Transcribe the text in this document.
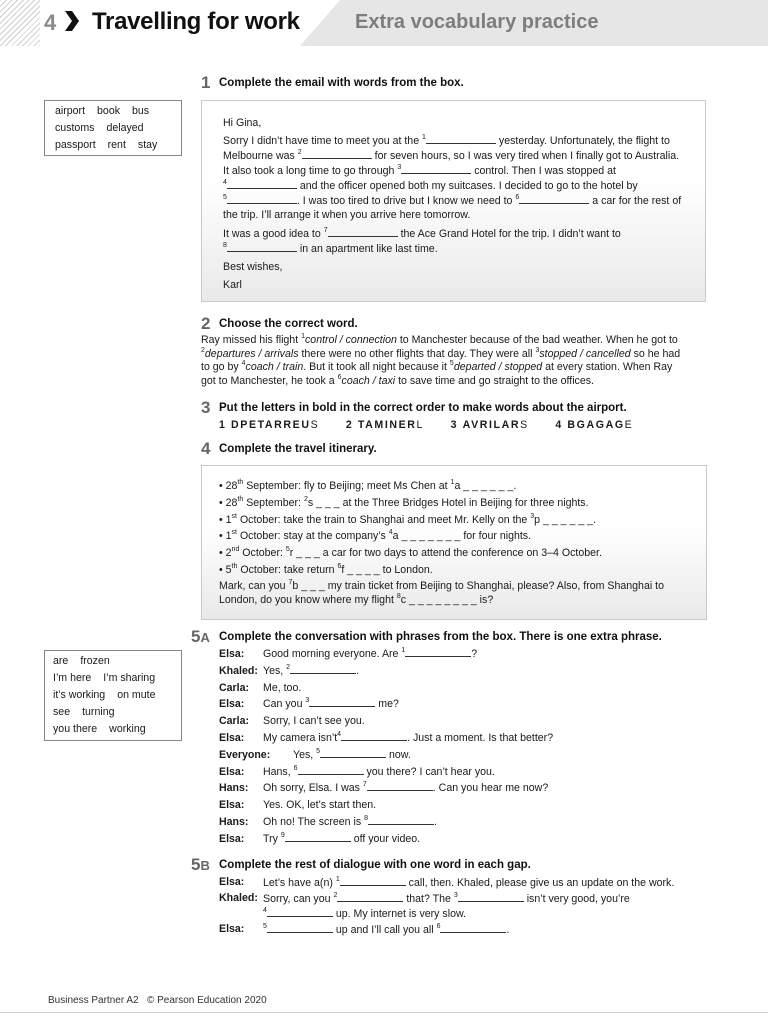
4 Travelling for work	Extra vocabulary practice
1 Complete the email with words from the box.
airport book bus
customs delayed
passport rent stay
Hi Gina,
Sorry I didn’t have time to meet you at the $^1$	yesterday. Unfortunately, the flight to
Melbourne was $^2$	for seven hours, so I was very tired when I finally got to Australia.
It also took a long time to go through $^3$	control. Then I was stopped at
$^4$	and the officer opened both my suitcases. I decided to go to the hotel by
$^5$	. I was too tired to drive but I know we need to $^6$	a car for the rest of
the trip. I’ll arrange it when you arrive here tomorrow.
It was a good idea to $^7$	the Ace Grand Hotel for the trip. I didn’t want to
$^8$	in an apartment like last time.
Best wishes,
Karl
2 Choose the correct word.
Ray missed his flight $^1$control / connection to Manchester because of the bad weather. When he got to
$^2$departures / arrivals there were no other flights that day. They were all $^3$stopped / cancelled so he had
to go by $^4$coach / train. But it took all night because it $^5$departed / stopped at every station. When Ray
got to Manchester, he took a $^6$coach / taxi to save time and go straight to the offices.
3 Put the letters in bold in the correct order to make words about the airport.
1 DPETARREUS	2 TAMINERL	3 AVRILARS	4 BGAGAGE
4 Complete the travel itinerary.
• 28th September: fly to Beijing; meet Ms Chen at $^1$a _ _ _ _ _ _.
• 28th September: $^2$s _ _ _ at the Three Bridges Hotel in Beijing for three nights.
• 1st October: take the train to Shanghai and meet Mr. Kelly on the $^3$p _ _ _ _ _ _.
• 1st October: stay at the company’s $^4$a _ _ _ _ _ _ _ for four nights.
• 2nd October: $^5$r _ _ _ a car for two days to attend the conference on 3–4 October.
• 5th October: take return $^6$f _ _ _ _ to London.
Mark, can you $^7$b _ _ _ my train ticket from Beijing to Shanghai, please? Also, from Shanghai to
London, do you know where my flight $^8$c _ _ _ _ _ _ _ _ is?
5A Complete the conversation with phrases from the box. There is one extra phrase.
are frozen
I’m here I’m sharing
it’s working on mute
see turning
you there working
Elsa: Good morning everyone. Are $^1$	?
Khaled: Yes, $^2$	.
Carla: Me, too.
Elsa: Can you $^3$	me?
Carla: Sorry, I can’t see you.
Elsa: My camera $isn’t^4$	. Just a moment. Is that better?
Everyone: Yes, $^5$	now.
Elsa: Hans, $^6$	you there? I can’t hear you.
Hans: Oh sorry, Elsa. I was $^7$	. Can you hear me now?
Elsa: Yes. OK, let’s start then.
Hans: Oh no! The screen is $^8$	.
Elsa: Try $^9$	off your video.
5B Complete the rest of dialogue with one word in each gap.
Elsa: Let’s have a(n) $^1$	call, then. Khaled, please give us an update on the work.
Khaled: Sorry, can you $^2$	that? The $^3$	isn’t very good, you’re
$^4$	up. My internet is very slow.
Elsa:	$^5$	up and I’ll call you all $^6$	.
Business Partner A2 © Pearson Education 2020
